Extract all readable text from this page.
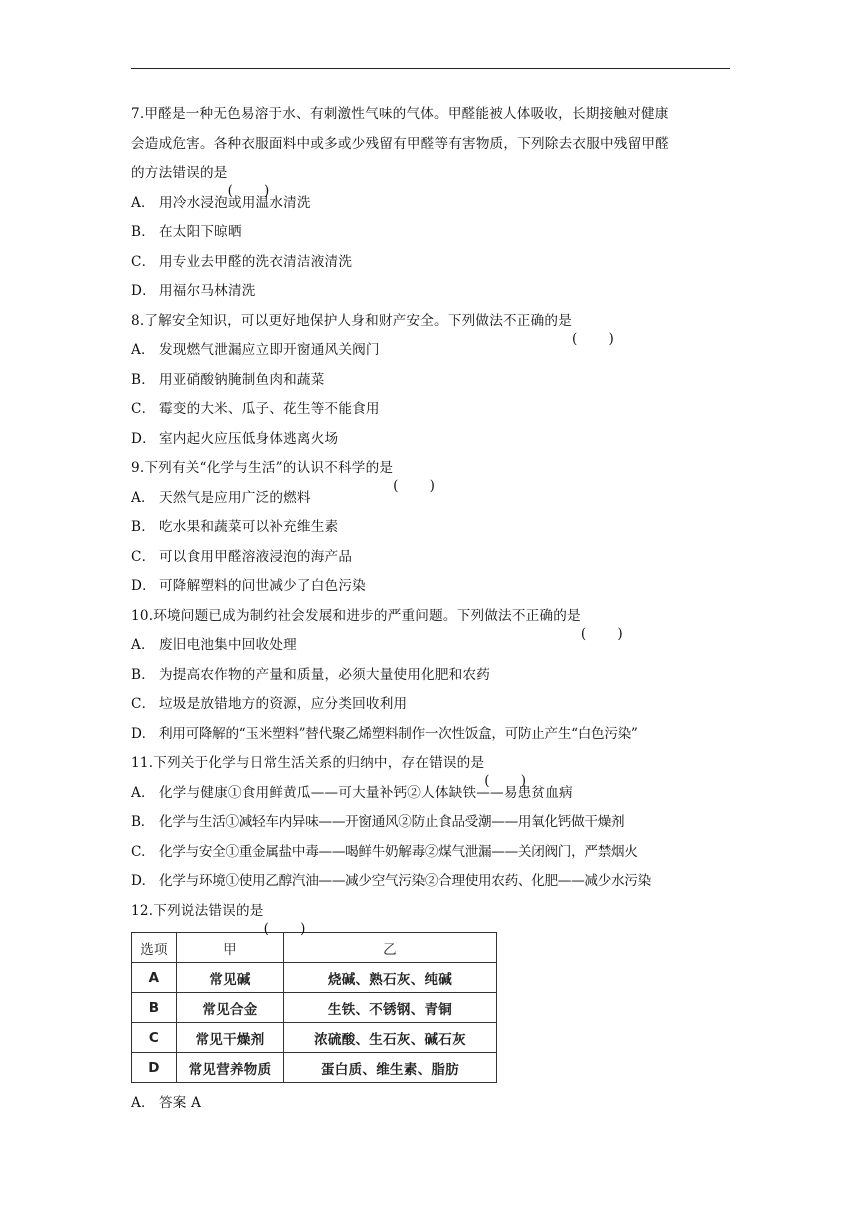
7.甲醛是一种无色易溶于水、有刺激性气味的气体。甲醛能被人体吸收，长期接触对健康
会造成危害。各种衣服面料中或多或少残留有甲醛等有害物质，下列除去衣服中残留甲醛
的方法错误的是
A． 用冷水浸泡或用温水清洗
B． 在太阳下晾晒
C． 用专业去甲醛的洗衣清洁液清洗
D． 用福尔马林清洗
8.了解安全知识，可以更好地保护人身和财产安全。下列做法不正确的是
A． 发现燃气泄漏应立即开窗通风关阀门
B． 用亚硝酸钠腌制鱼肉和蔬菜
C． 霉变的大米、瓜子、花生等不能食用
D． 室内起火应压低身体逃离火场
9.下列有关“化学与生活”的认识不科学的是
A． 天然气是应用广泛的燃料
B． 吃水果和蔬菜可以补充维生素
C． 可以食用甲醛溶液浸泡的海产品
D． 可降解塑料的问世减少了白色污染
10.环境问题已成为制约社会发展和进步的严重问题。下列做法不正确的是
A． 废旧电池集中回收处理
B． 为提高农作物的产量和质量，必须大量使用化肥和农药
C． 垃圾是放错地方的资源，应分类回收利用
D． 利用可降解的“玉米塑料”替代聚乙烯塑料制作一次性饭盒，可防止产生“白色污染”
11.下列关于化学与日常生活关系的归纳中，存在错误的是
A． 化学与健康①食用鲜黄瓜——可大量补钙②人体缺铁——易患贫血病
B． 化学与生活①减轻车内异味——开窗通风②防止食品受潮——用氧化钙做干燥剂
C． 化学与安全①重金属盐中毒——喝鲜牛奶解毒②煤气泄漏——关闭阀门，严禁烟火
D． 化学与环境①使用乙醇汽油——减少空气污染②合理使用农药、化肥——减少水污染
12.下列说法错误的是
选项	甲	乙
A	常见碱	烧碱、熟石灰、纯碱
B	常见合金	生铁、不锈钢、青铜
C	常见干燥剂	浓硫酸、生石灰、碱石灰
D	常见营养物质	蛋白质、维生素、脂肪
A． 答案 A
